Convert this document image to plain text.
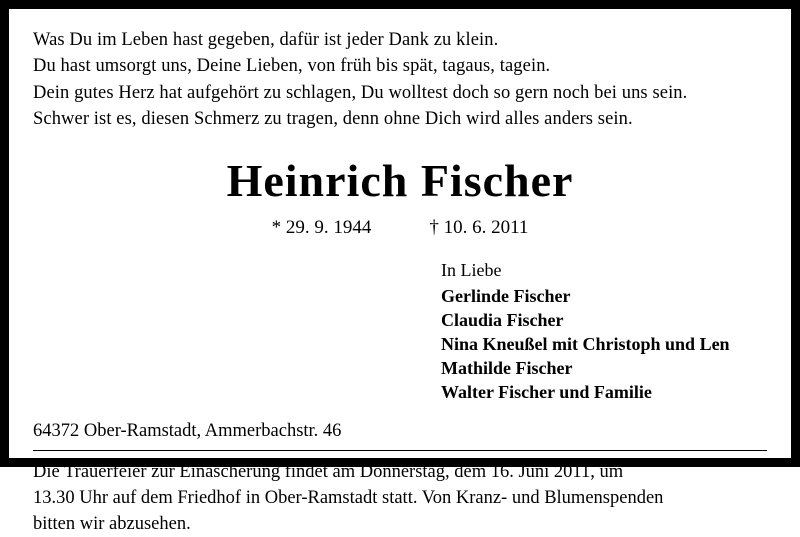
Was Du im Leben hast gegeben, dafür ist jeder Dank zu klein.
Du hast umsorgt uns, Deine Lieben, von früh bis spät, tagaus, tagein.
Dein gutes Herz hat aufgehört zu schlagen, Du wolltest doch so gern noch bei uns sein.
Schwer ist es, diesen Schmerz zu tragen, denn ohne Dich wird alles anders sein.
Heinrich Fischer
* 29. 9. 1944	† 10. 6. 2011
In Liebe
Gerlinde Fischer
Claudia Fischer
Nina Kneußel mit Christoph und Len
Mathilde Fischer
Walter Fischer und Familie
64372 Ober-Ramstadt, Ammerbachstr. 46
Die Trauerfeier zur Einäscherung findet am Donnerstag, dem 16. Juni 2011, um
13.30 Uhr auf dem Friedhof in Ober-Ramstadt statt. Von Kranz- und Blumenspenden
bitten wir abzusehen.
